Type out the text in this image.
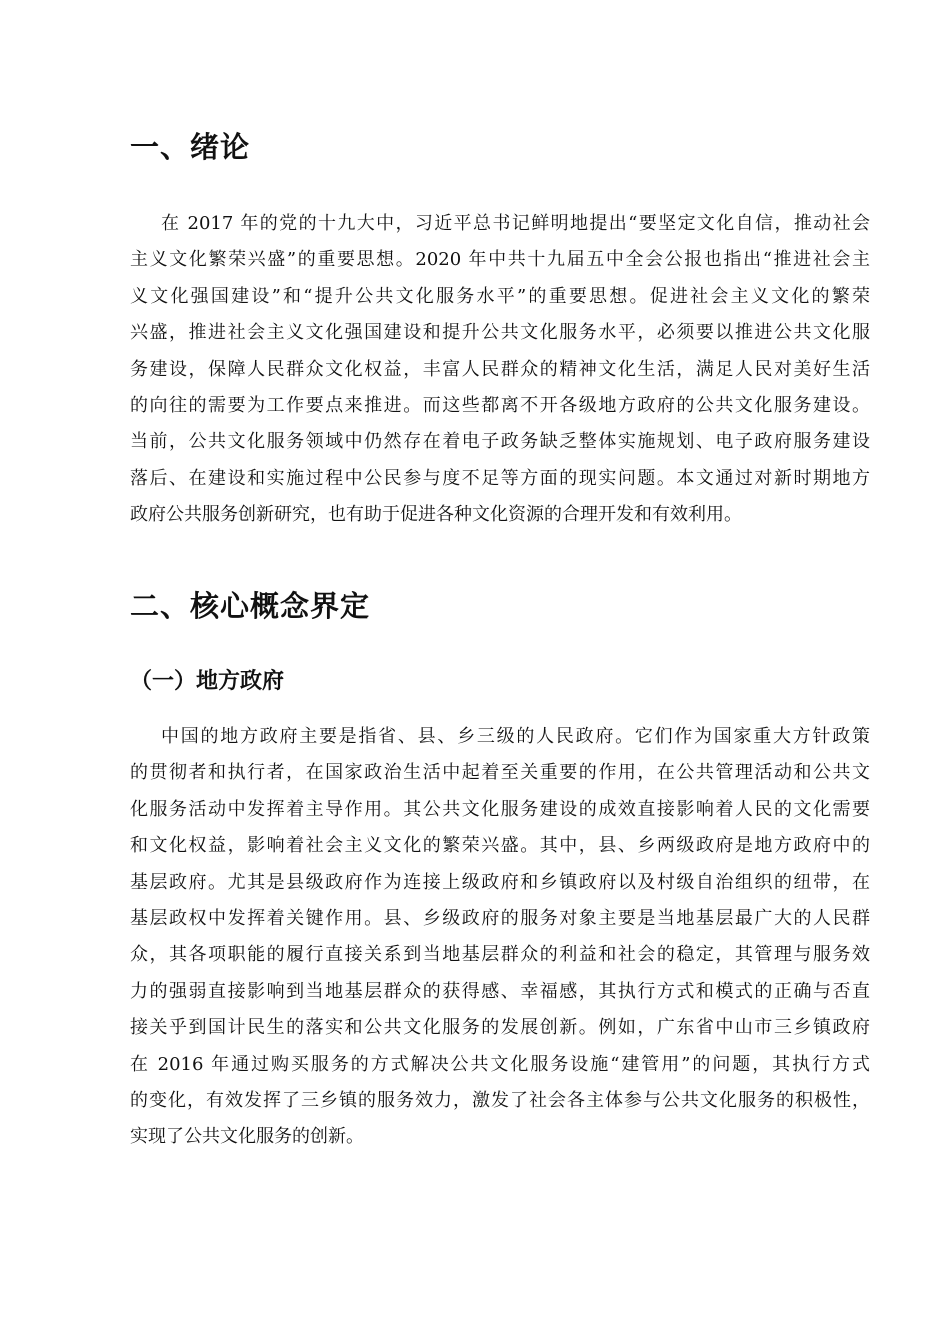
一、绪论
在 2017 年的党的十九大中，习近平总书记鲜明地提出“要坚定文化自信，推动社会
主义文化繁荣兴盛”的重要思想。2020 年中共十九届五中全会公报也指出“推进社会主
义文化强国建设”和“提升公共文化服务水平”的重要思想。促进社会主义文化的繁荣
兴盛，推进社会主义文化强国建设和提升公共文化服务水平，必须要以推进公共文化服
务建设，保障人民群众文化权益，丰富人民群众的精神文化生活，满足人民对美好生活
的向往的需要为工作要点来推进。而这些都离不开各级地方政府的公共文化服务建设。
当前，公共文化服务领域中仍然存在着电子政务缺乏整体实施规划、电子政府服务建设
落后、在建设和实施过程中公民参与度不足等方面的现实问题。本文通过对新时期地方
政府公共服务创新研究，也有助于促进各种文化资源的合理开发和有效利用。
二、核心概念界定
（一）地方政府
中国的地方政府主要是指省、县、乡三级的人民政府。它们作为国家重大方针政策
的贯彻者和执行者，在国家政治生活中起着至关重要的作用，在公共管理活动和公共文
化服务活动中发挥着主导作用。其公共文化服务建设的成效直接影响着人民的文化需要
和文化权益，影响着社会主义文化的繁荣兴盛。其中，县、乡两级政府是地方政府中的
基层政府。尤其是县级政府作为连接上级政府和乡镇政府以及村级自治组织的纽带，在
基层政权中发挥着关键作用。县、乡级政府的服务对象主要是当地基层最广大的人民群
众，其各项职能的履行直接关系到当地基层群众的利益和社会的稳定，其管理与服务效
力的强弱直接影响到当地基层群众的获得感、幸福感，其执行方式和模式的正确与否直
接关乎到国计民生的落实和公共文化服务的发展创新。例如，广东省中山市三乡镇政府
在 2016 年通过购买服务的方式解决公共文化服务设施“建管用”的问题，其执行方式
的变化，有效发挥了三乡镇的服务效力，激发了社会各主体参与公共文化服务的积极性，
实现了公共文化服务的创新。
